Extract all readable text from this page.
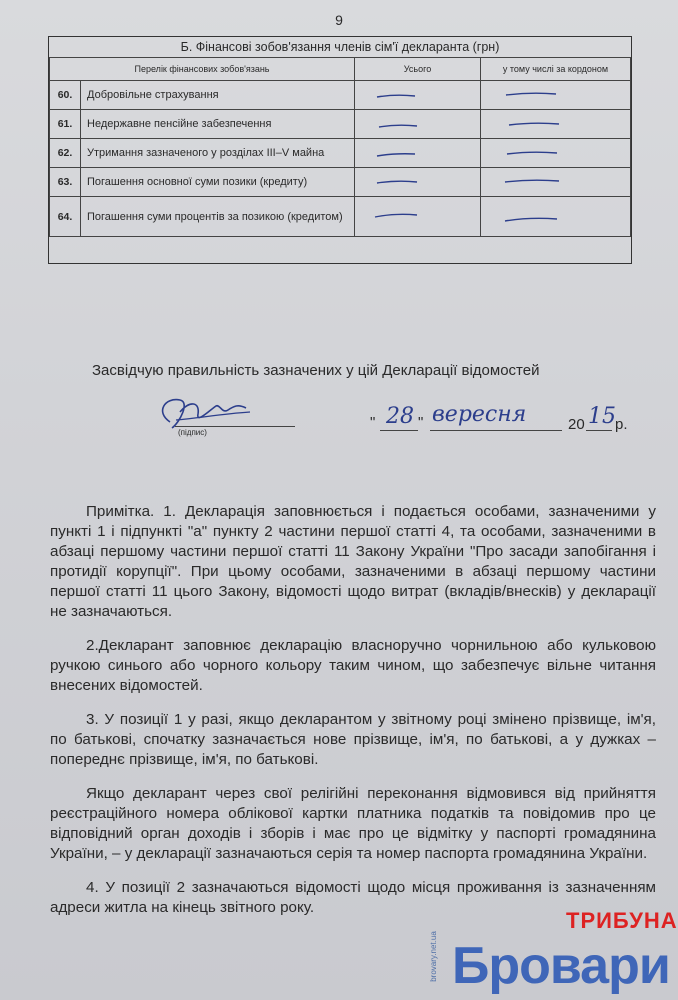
9
Б. Фінансові зобов'язання членів сім'ї декларанта (грн)
Перелік фінансових зобов'язань		Усього	у тому числі за кордоном
60.	Добровільне страхування	

61.	Недержавне пенсійне забезпечення	

62.	Утримання зазначеного у розділах III–V майна	

63.	Погашення основної суми позики (кредиту)	

64.	Погашення суми процентів за позикою (кредитом)	

Засвідчую правильність зазначених у цій Декларації відомостей
(підпис)
" 28 " вересня	20 15 р.

Примітка. 1. Декларація заповнюється і подається особами, зазначеними у пункті 1 і підпункті "а" пункту 2 частини першої статті 4, та особами, зазначеними в абзаці першому частини першої статті 11 Закону України "Про засади запобігання і протидії корупції". При цьому особами, зазначеними в абзаці першому частини першої статті 11 цього Закону, відомості щодо витрат (вкладів/внесків) у декларації не зазначаються.

2.Декларант заповнює декларацію власноручно чорнильною або кульковою ручкою синього або чорного кольору таким чином, що забезпечує вільне читання внесених відомостей.

3. У позиції 1 у разі, якщо декларантом у звітному році змінено прізвище, ім'я, по батькові, спочатку зазначається нове прізвище, ім'я, по батькові, а у дужках – попереднє прізвище, ім'я, по батькові.

Якщо декларант через свої релігійні переконання відмовився від прийняття реєстраційного номера облікової картки платника податків та повідомив про це відповідний орган доходів і зборів і має про це відмітку у паспорті громадянина України, – у декларації зазначаються серія та номер паспорта громадянина України.

4. У позиції 2 зазначаються відомості щодо місця проживання із зазначенням адреси житла на кінець звітного року.

brovary.net.ua
ТРИБУНА
Бровари
